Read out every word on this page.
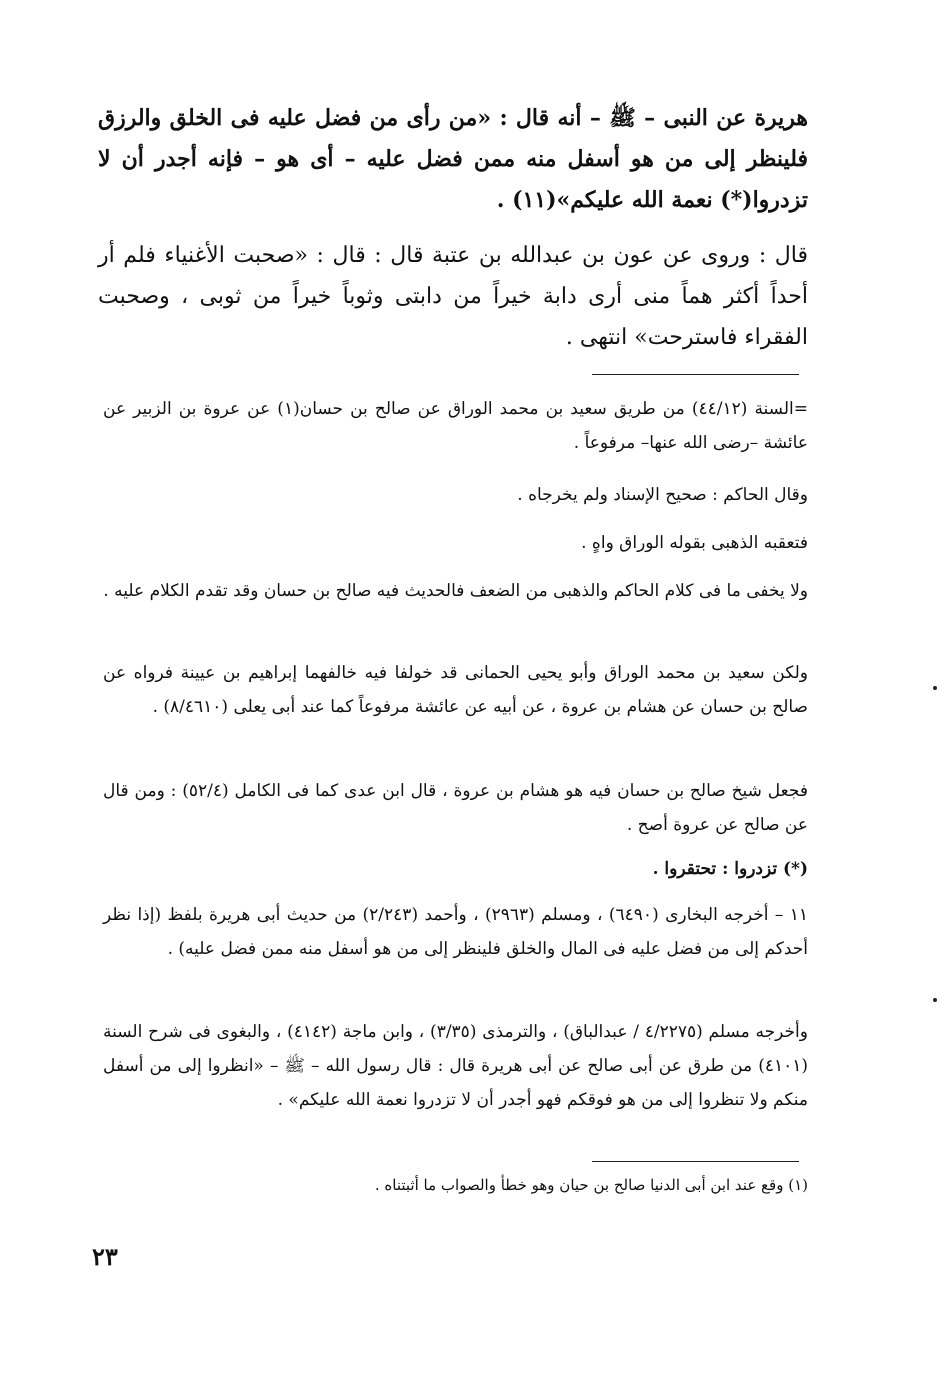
هريرة عن النبى – ﷺ – أنه قال : «من رأى من فضل عليه فى الخلق والرزق فلينظر إلى من هو أسفل منه ممن فضل عليه – أى هو – فإنه أجدر أن لا تزدروا(*) نعمة الله عليكم»(١١) .
قال : وروى عن عون بن عبدالله بن عتبة قال : قال : «صحبت الأغنياء فلم أر أحداً أكثر هماً منى أرى دابة خيراً من دابتى وثوباً خيراً من ثوبى ، وصحبت الفقراء فاسترحت» انتهى .
=السنة (٤٤/١٢) من طريق سعيد بن محمد الوراق عن صالح بن حسان(١) عن عروة بن الزبير عن عائشة –رضى الله عنها– مرفوعاً .
وقال الحاكم : صحيح الإسناد ولم يخرجاه .
فتعقبه الذهبى بقوله الوراق واهٍ .
ولا يخفى ما فى كلام الحاكم والذهبى من الضعف فالحديث فيه صالح بن حسان وقد تقدم الكلام عليه .
ولكن سعيد بن محمد الوراق وأبو يحيى الحمانى قد خولفا فيه خالفهما إبراهيم بن عيينة فرواه عن صالح بن حسان عن هشام بن عروة ، عن أبيه عن عائشة مرفوعاً كما عند أبى يعلى (٨/٤٦١٠) .
فجعل شيخ صالح بن حسان فيه هو هشام بن عروة ، قال ابن عدى كما فى الكامل (٥٢/٤) : ومن قال عن صالح عن عروة أصح .
(*) تزدروا : تحتقروا .
١١ – أخرجه البخارى (٦٤٩٠) ، ومسلم (٢٩٦٣) ، وأحمد (٢/٢٤٣) من حديث أبى هريرة بلفظ (إذا نظر أحدكم إلى من فضل عليه فى المال والخلق فلينظر إلى من هو أسفل منه ممن فضل عليه) .
وأخرجه مسلم (٤/٢٢٧٥ / عبدالباق) ، والترمذى (٣/٣٥) ، وابن ماجة (٤١٤٢) ، والبغوى فى شرح السنة (٤١٠١) من طرق عن أبى صالح عن أبى هريرة قال : قال رسول الله – ﷺ – «انظروا إلى من أسفل منكم ولا تنظروا إلى من هو فوقكم فهو أجدر أن لا تزدروا نعمة الله عليكم» .
(١) وقع عند ابن أبى الدنيا صالح بن حيان وهو خطأ والصواب ما أثبتناه .
٢٣
